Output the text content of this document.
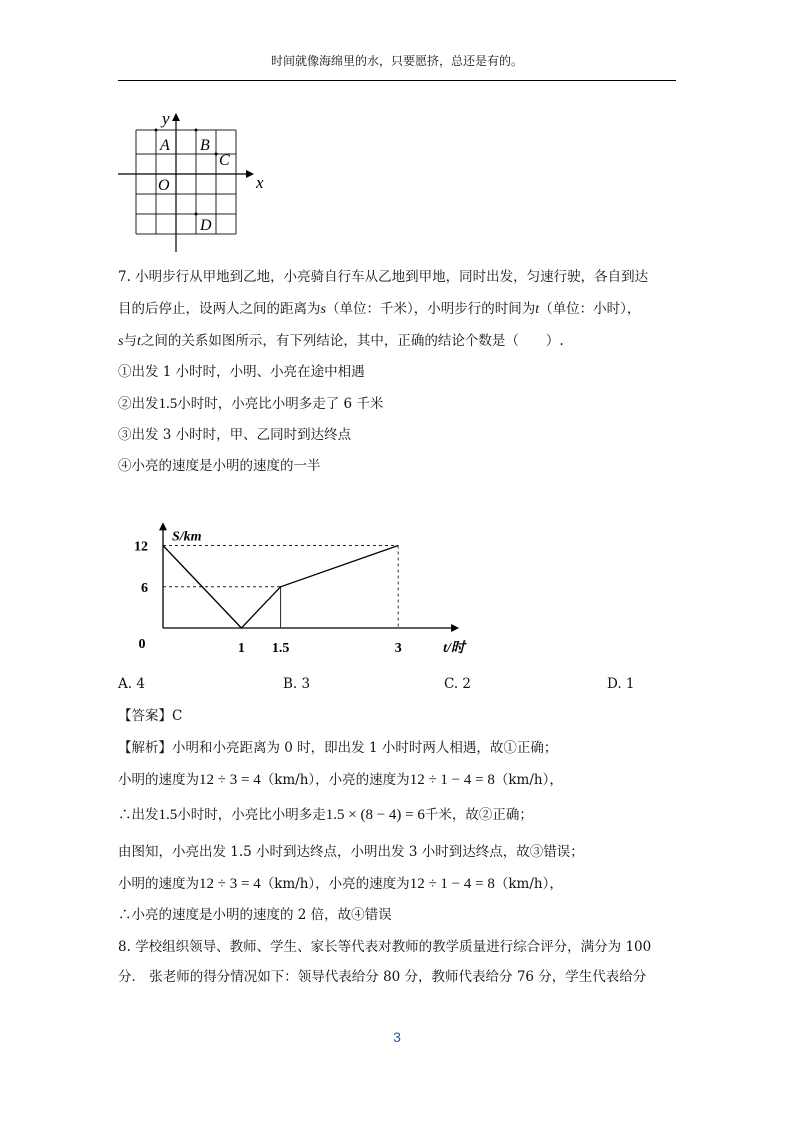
时间就像海绵里的水，只要愿挤，总还是有的。
x
y
A B
C
O
D
7. 小明步行从甲地到乙地，小亮骑自行车从乙地到甲地，同时出发，匀速行驶，各自到达
目的后停止，设两人之间的距离为s（单位：千米），小明步行的时间为t（单位：小时），
s与t之间的关系如图所示，有下列结论，其中，正确的结论个数是（　　）.
①出发 1 小时时，小明、小亮在途中相遇
②出发1.5小时时，小亮比小明多走了 6 千米
③出发 3 小时时，甲、乙同时到达终点
④小亮的速度是小明的速度的一半
0	1 1.5	3
6
12
S/km
t/时
A. 4	B. 3	C. 2	D. 1
【答案】C
【解析】小明和小亮距离为 0 时，即出发 1 小时时两人相遇，故①正确；
小明的速度为12 ÷ 3 = 4（km/h），小亮的速度为12 ÷ 1 − 4 = 8（km/h），
∴出发1.5小时时，小亮比小明多走1.5 × (8 − 4) = 6千米，故②正确；
由图知，小亮出发 1.5 小时到达终点，小明出发 3 小时到达终点，故③错误；
小明的速度为12 ÷ 3 = 4（km/h），小亮的速度为12 ÷ 1 − 4 = 8（km/h），
∴小亮的速度是小明的速度的 2 倍，故④错误
8. 学校组织领导、教师、学生、家长等代表对教师的教学质量进行综合评分，满分为 100
分． 张老师的得分情况如下：领导代表给分 80 分，教师代表给分 76 分，学生代表给分
3
